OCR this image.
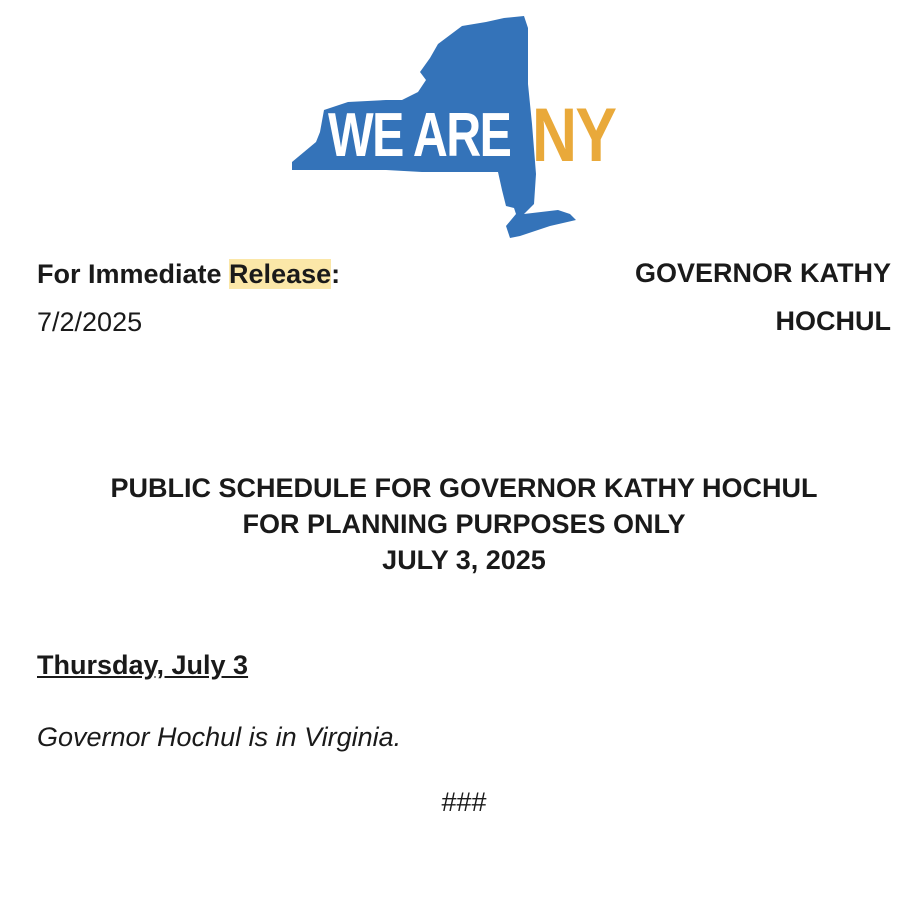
WE ARE NY
For Immediate Release:
7/2/2025
GOVERNOR KATHY
HOCHUL
PUBLIC SCHEDULE FOR GOVERNOR KATHY HOCHUL
FOR PLANNING PURPOSES ONLY
JULY 3, 2025
Thursday, July 3
Governor Hochul is in Virginia.
###
